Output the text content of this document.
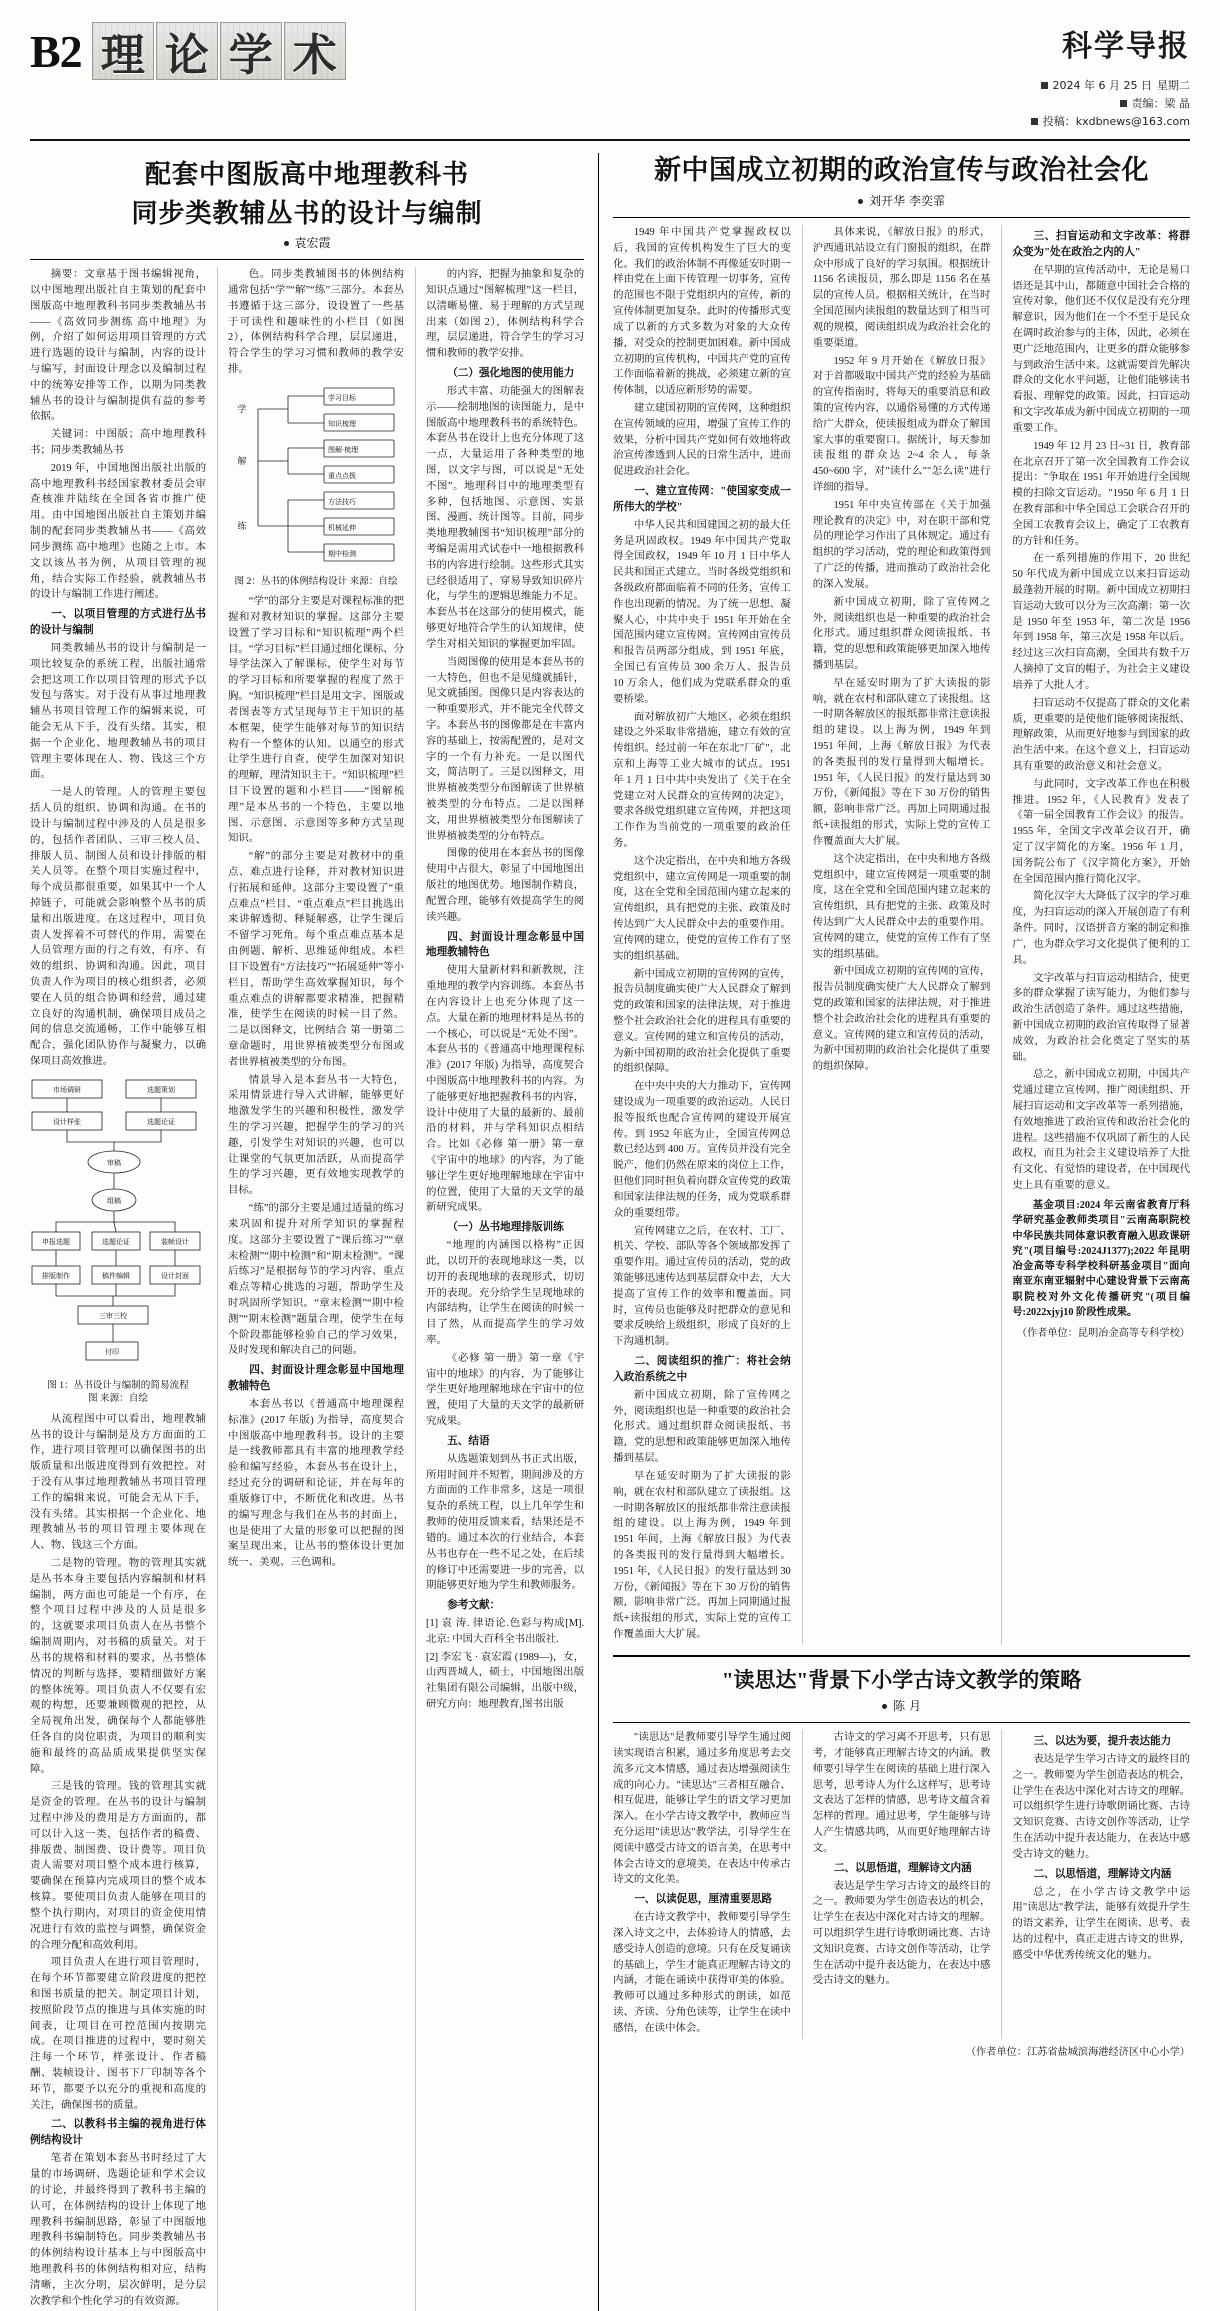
B2 理 论 学 术	科学导报
2024 年 6 月 25 日 星期二
责编：梁 晶
投稿：kxdbnews@163.com
配套中图版高中地理教科书
同步类教辅丛书的设计与编制
袁宏霞

摘要：文章基于图书编辑视角，以中图地理出版社自主策划的配套中图版高中地理教科书同步类教辅丛书——《高效同步测练 高中地理》为例，介绍了如何运用项目管理的方式进行选题的设计与编制，内容的设计与编写，封面设计理念以及编制过程中的统筹安排等工作，以期为同类教辅丛书的设计与编制提供有益的参考依据。

关键词：中图版；高中地理教科书；同步类教辅丛书

2019 年，中国地图出版社出版的高中地理教科书经国家教材委员会审查核准并陆续在全国各省市推广使用。由中国地图出版社自主策划并编制的配套同步类教辅丛书——《高效同步测练 高中地理》也随之上市。本文以该丛书为例，从项目管理的视角，结合实际工作经验，就教辅丛书的设计与编制工作进行阐述。

一、以项目管理的方式进行丛书的设计与编制

同类教辅丛书的设计与编制是一项比较复杂的系统工程，出版社通常会把这项工作以项目管理的形式予以发包与落实。对于没有从事过地理教辅丛书项目管理工作的编辑来说，可能会无从下手，没有头绪。其实，根据一个企业化、地理教辅丛书的项目管理主要体现在人、物、钱这三个方面。

一是人的管理。人的管理主要包括人员的组织、协调和沟通。在书的设计与编制过程中涉及的人员是很多的，包括作者团队、三审三校人员、排版人员、制图人员和设计排版的相关人员等。在整个项目实施过程中，每个成员都很重要，如果其中一个人掉链子，可能就会影响整个丛书的质量和出版进度。在这过程中，项目负责人发挥着不可替代的作用，需要在人员管理方面的行之有效，有序、有效的组织、协调和沟通。因此，项目负责人作为项目的核心组织者，必须要在人员的组合协调和经营，通过建立良好的沟通机制，确保项目成员之间的信息交流通畅，工作中能够互相配合，强化团队协作与凝聚力，以确保项目高效推进。

市场调研	选题策划
设计样张	选题论证
审稿
组稿
申报选题	选题论证	装帧设计
排版制作	稿件编辑	设计封面
三审三校
付印
图 1：丛书设计与编制的简易流程
图 来源：自绘

从流程图中可以看出，地理教辅丛书的设计与编制是及方方面面的工作，进行项目管理可以确保图书的出版质量和出版进度得到有效把控。对于没有从事过地理教辅丛书项目管理工作的编辑来说，可能会无从下手，没有头绪。其实根据一个企业化、地理教辅丛书的项目管理主要体现在人、物、钱这三个方面。

二是物的管理。物的管理其实就是丛书本身主要包括内容编制和材料编制，两方面也可能是一个有序，在整个项目过程中涉及的人员是很多的，这就要求项目负责人在丛书整个编制周期内，对书稿的质量关。对于丛书的规格和材料的要求，丛书整体情况的判断与选择，要精细做好方案的整体统筹。项目负责人不仅要有宏观的构想，还要兼顾微观的把控，从全局视角出发，确保每个人都能够胜任各自的岗位职责，为项目的顺利实施和最终的高品质成果提供坚实保障。

三是钱的管理。钱的管理其实就是资金的管理。在丛书的设计与编制过程中涉及的费用是方方面面的，都可以计入这一类，包括作者的稿费、排版费、制图费、设计费等。项目负责人需要对项目整个成本进行核算，要确保在预算内完成项目的整个成本核算。要使项目负责人能够在项目的整个执行期内，对项目的资金使用情况进行有效的监控与调整，确保资金的合理分配和高效利用。

项目负责人在进行项目管理时，在每个环节都要建立阶段进度的把控和图书质量的把关。制定项目计划，按照阶段节点的推进与具体实施的时间表，让项目在可控范围内按期完成。在项目推进的过程中，要时刻关注每一个环节，样张设计、作者稿酬、装帧设计、图书下厂印制等各个环节，都要予以充分的重视和高度的关注，确保图书的质量。

二、以教科书主编的视角进行体例结构设计

笔者在策划本套丛书时经过了大量的市场调研、选题论证和学术会议的讨论，并最终得到了教科书主编的认可，在体例结构的设计上体现了地理教科书编制思路，彰显了中图版地理教科书编制特色。同步类教辅丛书的体例结构设计基本上与中图版高中地理教科书的体例结构相对应，结构清晰，主次分明，层次鲜明，是分层次教学和个性化学习的有效资源。

色。同步类教辅图书的体例结构通常包括“学”“解”“练”三部分。本套丛书遵循于这三部分，设设置了一些基于可读性和趣味性的小栏目（如图 2），体例结构科学合理，层层递进，符合学生的学习习惯和教师的教学安排。

学习目标
知识梳理
图解·梳理
重点点拨
方法技巧
机械延伸
期中检测
学
解
练
图 2：丛书的体例结构设计 来源：自绘

“学”的部分主要是对课程标准的把握和对教材知识的掌握。这部分主要设置了学习目标和“知识梳理”两个栏目。“学习目标”栏目通过细化课标、分导学法深入了解课标，使学生对每节的学习目标和所要掌握的程度了然于胸。“知识梳理”栏目是用文字、图版或者图表等方式呈现每节主干知识的基本框架，使学生能够对每节的知识结构有一个整体的认知。以通空的形式让学生进行自查，使学生加深对知识的理解，理清知识主干。“知识梳理”栏目下设置的题和小栏目——“图解梳理”是本丛书的一个特色，主要以地图、示意图、示意图等多种方式呈现知识。

“解”的部分主要是对教材中的重点、难点进行诠释，并对教材知识进行拓展和延伸。这部分主要设置了“重点难点”栏目、“重点难点”栏目挑选出来讲解透彻、释疑解惑，让学生课后不留学习死角。每个重点难点基本是由例题、解析、思维延伸组成。本栏目下设置有“方法技巧”“拓展延伸”等小栏目，帮助学生高效掌握知识，每个重点难点的讲解都要求精准，把握精准，使学生在阅读的时候一目了然。二是以图释文，比例结合 第一册第二章命题时，用世界植被类型分布图或者世界植被类型的分布图。

情景导入是本套丛书一大特色，采用情景进行导入式讲解，能够更好地激发学生的兴趣和积极性，激发学生的学习兴趣，把握学生的学习的兴趣，引发学生对知识的兴趣，也可以让课堂的气氛更加活跃，从而提高学生的学习兴趣，更有效地实现教学的目标。

“练”的部分主要是通过适量的练习来巩固和提升对所学知识的掌握程度。这部分主要设置了“课后练习”“章末检测”“期中检测”和“期末检测”。“课后练习”是根据每节的学习内容、重点难点等精心挑选的习题，帮助学生及时巩固所学知识。“章末检测”“期中检测”“期末检测”题量合理，使学生在每个阶段都能够检验自己的学习效果，及时发现和解决自己的问题。

四、封面设计理念彰显中国地理教辅特色

本套丛书以《普通高中地理课程标准》(2017 年版) 为指导，高度契合中图版高中地理教科书。设计的主要是一线教师都具有丰富的地理教学经验和编写经验，本套丛书在设计上，经过充分的调研和论证，并在每年的重版修订中，不断优化和改进。丛书的编写理念与我们在丛书的封面上，也是使用了大量的形象可以把握的图案呈现出来，让丛书的整体设计更加统一、美观、三色调和。

的内容，把握为抽象和复杂的知识点通过“图解梳理”这一栏目，以清晰易懂、易于理解的方式呈现出来（如图 2），体例结构科学合理，层层递进，符合学生的学习习惯和教师的教学安排。

（二）强化地图的使用能力

形式丰富、功能强大的图解表示——绘制地图的读图能力，是中图版高中地理教科书的系统特色。本套丛书在设计上也充分体现了这一点，大量运用了各种类型的地图，以文字与图，可以说是“无处不图”。地理科目中的地理类型有多种，包括地图、示意图、实景图、漫画、统计图等。目前，同步类地理教辅图书“知识梳理”部分的考编是需用式试卷中一地根据教科书的内容进行绘制。这些形式其实已经很适用了，穿易导致知识碎片化，与学生的逻辑思维能力不足。本套丛书在这部分的使用模式，能够更好地符合学生的认知规律，使学生对相关知识的掌握更加牢固。

当阅图像的使用是本套丛书的一大特色，但也不是见缝就插针，见文就插图。图像只是内容表达的一种重要形式，并不能完全代替文字。本套丛书的图像都是在丰富内容的基础上，按需配置的，是对文字的一个有力补充。一是以图代文，简洁明了。三是以图释文，用世界植被类型分布图解读了世界植被类型的分布特点。二是以图释文，用世界植被类型分布图解读了世界植被类型的分布特点。

图像的使用在本套丛书的图像使用中占很大，彰显了中国地图出版社的地图优势。地图制作精良，配置合理，能够有效提高学生的阅读兴趣。

四、封面设计理念彰显中国地理教辅特色

使用大量新材料和新教规，注重地理的教学内容训练。本套丛书在内容设计上也充分体现了这一点。大量在新的地理材料是丛书的一个核心，可以说是“无处不图”。本套丛书的《普通高中地理课程标准》(2017 年版) 为指导，高度契合中图版高中地理教科书的内容。为了能够更好地把握教科书的内容，设计中使用了大量的最新的、最前沿的材料，并与学科知识点相结合。比如《必修 第一册》第一章《宇宙中的地球》的内容，为了能够让学生更好地理解地球在宇宙中的位置，使用了大量的天文学的最新研究成果。

（一）丛书地理排版训练

“地理的内涵图以格构”正因此，以切开的表现地球这一类，以切开的表现地球的表现形式，切切开的表现。充分给学生呈现地球的内部结构，让学生在阅读的时候一目了然，从而提高学生的学习效率。

《必修 第一册》第一章《宇宙中的地球》的内容，为了能够让学生更好地理解地球在宇宙中的位置，使用了大量的天文学的最新研究成果。

五、结语

从选题策划到丛书正式出版，所用时间并不短暂，期间涉及的方方面面的工作非常多，这是一项很复杂的系统工程，以上几年学生和教师的使用反馈来看，结果还是不错的。通过本次的行业结合，本套丛书也存在一些不足之处，在后续的修订中还需要进一步的完善，以期能够更好地为学生和教师服务。

参考文献：

[1] 袁 涛. 律语论.色彩与构成[M]. 北京: 中国大百科全书出版社.

[2] 李宏飞 · 袁宏霞 (1989—)，女，山西晋城人，硕士，中国地图出版社集团有限公司编辑，出版中级，研究方向：地理教育,图书出版

新中国成立初期的政治宣传与政治社会化
刘开华 李奕霏

1949 年中国共产党掌握政权以后，我国的宣传机构发生了巨大的变化。我们的政治体制不再像延安时期一样由党在上面下传管理一切事务，宣传的范围也不限于党组织内的宣传，新的宣传体制更加复杂。此时的传播形式变成了以新的方式多数为对象的大众传播，对受众的控制更加困难。新中国成立初期的宣传机构，中国共产党的宣传工作面临着新的挑战，必须建立新的宣传体制，以适应新形势的需要。

建立建国初期的宣传网，这种组织在宣传领域的应用，增强了宣传工作的效果，分析中国共产党如何有效地将政治宣传渗透到人民的日常生活中，进而促进政治社会化。

一、建立宣传网："使国家变成一所伟大的学校"

中华人民共和国建国之初的最大任务是巩固政权。1949 年中国共产党取得全国政权，1949 年 10 月 1 日中华人民共和国正式建立。当时各级党组织和各级政府都面临着不同的任务，宣传工作也出现新的情况。为了统一思想、凝聚人心，中共中央于 1951 年开始在全国范围内建立宣传网。宣传网由宣传员和报告员两部分组成，到 1951 年底，全国已有宣传员 300 余万人、报告员 10 万余人，他们成为党联系群众的重要桥梁。

面对解放初广大地区、必须在组织建设之外采取非常措施，建立有效的宣传组织。经过前一年在东北"厂矿"，北京和上海等工业大城市的试点。1951 年 1 月 1 日中共中央发出了《关于在全党建立对人民群众的宣传网的决定》，要求各级党组织建立宣传网，并把这项工作作为当前党的一项重要的政治任务。

这个决定指出，在中央和地方各级党组织中，建立宣传网是一项重要的制度，这在全党和全国范围内建立起来的宣传组织，具有把党的主张、政策及时传达到广大人民群众中去的重要作用。宣传网的建立，使党的宣传工作有了坚实的组织基础。

新中国成立初期的宣传网的宣传，报告员制度确实使广大人民群众了解到党的政策和国家的法律法规，对于推进整个社会政治社会化的进程具有重要的意义。宣传网的建立和宣传员的活动，为新中国初期的政治社会化提供了重要的组织保障。

在中央中央的大力推动下，宣传网建设成为一项重要的政治运动。人民日报等报纸也配合宣传网的建设开展宣传。到 1952 年底为止，全国宣传网总数已经达到 400 万。宣传员并没有完全脱产，他们仍然在原来的岗位上工作，但他们同时担负着向群众宣传党的政策和国家法律法规的任务，成为党联系群众的重要纽带。

宣传网建立之后，在农村、工厂、机关、学校、部队等各个领域都发挥了重要作用。通过宣传员的活动，党的政策能够迅速传达到基层群众中去，大大提高了宣传工作的效率和覆盖面。同时，宣传员也能够及时把群众的意见和要求反映给上级组织，形成了良好的上下沟通机制。

二、阅读组织的推广：将社会纳入政治系统之中

新中国成立初期，除了宣传网之外，阅读组织也是一种重要的政治社会化形式。通过组织群众阅读报纸、书籍，党的思想和政策能够更加深入地传播到基层。

早在延安时期为了扩大读报的影响，就在农村和部队建立了读报组。这一时期各解放区的报纸都非常注意读报组的建设。以上海为例，1949 年到 1951 年间，上海《解放日报》为代表的各类报刊的发行量得到大幅增长。1951 年，《人民日报》的发行量达到 30 万份，《新闻报》等在下 30 万份的销售额，影响非常广泛。再加上同期通过报纸+读报组的形式，实际上党的宣传工作覆盖面大大扩展。

具体来说，《解放日报》的形式，沪西通讯站设立有门窗报的组织，在群众中形成了良好的学习氛围。根据统计 1156 名读报员，那么即是 1156 名在基层的宣传人员。根据相关统计，在当时全国范围内读报组的数量达到了相当可观的规模，阅读组织成为政治社会化的重要渠道。

1952 年 9 月开始在《解放日报》对于首都吸取中国共产党的经验为基础的宣传指南时，将每天的重要消息和政策的宣传内容，以通俗易懂的方式传递给广大群众，使读报组成为群众了解国家大事的重要窗口。据统计，每天参加读报组的群众达 2~4 余人，每条 450~600 字，对"读什么""怎么读"进行详细的指导。

1951 年中央宣传部在《关于加强理论教育的决定》中，对在职干部和党员的理论学习作出了具体规定。通过有组织的学习活动，党的理论和政策得到了广泛的传播，进而推动了政治社会化的深入发展。

新中国成立初期，除了宣传网之外，阅读组织也是一种重要的政治社会化形式。通过组织群众阅读报纸、书籍，党的思想和政策能够更加深入地传播到基层。

早在延安时期为了扩大读报的影响，就在农村和部队建立了读报组。这一时期各解放区的报纸都非常注意读报组的建设。以上海为例，1949 年到 1951 年间，上海《解放日报》为代表的各类报刊的发行量得到大幅增长。1951 年，《人民日报》的发行量达到 30 万份，《新闻报》等在下 30 万份的销售额，影响非常广泛。再加上同期通过报纸+读报组的形式，实际上党的宣传工作覆盖面大大扩展。

这个决定指出，在中央和地方各级党组织中，建立宣传网是一项重要的制度，这在全党和全国范围内建立起来的宣传组织，具有把党的主张、政策及时传达到广大人民群众中去的重要作用。宣传网的建立，使党的宣传工作有了坚实的组织基础。

新中国成立初期的宣传网的宣传，报告员制度确实使广大人民群众了解到党的政策和国家的法律法规，对于推进整个社会政治社会化的进程具有重要的意义。宣传网的建立和宣传员的活动，为新中国初期的政治社会化提供了重要的组织保障。

三、扫盲运动和文字改革：将群众变为"处在政治之内的人"

在早期的宣传活动中，无论是易口语还是其中山，都随意中国社会合格的宣传对象，他们还不仅仅是没有充分理解意识，因为他们在一个不至于是民众在调时政治参与的主体，因此，必须在更广泛地范围内，让更多的群众能够参与到政治生活中来。这就需要首先解决群众的文化水平问题，让他们能够读书看报、理解党的政策。因此，扫盲运动和文字改革成为新中国成立初期的一项重要工作。

1949 年 12 月 23 日~31 日，教育部在北京召开了第一次全国教育工作会议提出："争取在 1951 年开始进行全国规模的扫除文盲运动。"1950 年 6 月 1 日在教育部和中华全国总工会联合召开的全国工农教育会议上，确定了工农教育的方针和任务。

在一系列措施的作用下，20 世纪 50 年代成为新中国成立以来扫盲运动最蓬勃开展的时期。新中国成立初期扫盲运动大致可以分为三次高潮：第一次是 1950 年至 1953 年，第二次是 1956 年到 1958 年，第三次是 1958 年以后。经过这三次扫盲高潮，全国共有数千万人摘掉了文盲的帽子，为社会主义建设培养了大批人才。

扫盲运动不仅提高了群众的文化素质，更重要的是使他们能够阅读报纸、理解政策，从而更好地参与到国家的政治生活中来。在这个意义上，扫盲运动具有重要的政治意义和社会意义。

与此同时，文字改革工作也在积极推进。1952 年，《人民教育》发表了《第一届全国教育工作会议》的报告。1955 年，全国文字改革会议召开，确定了汉字简化的方案。1956 年 1 月，国务院公布了《汉字简化方案》，开始在全国范围内推行简化汉字。

简化汉字大大降低了汉字的学习难度，为扫盲运动的深入开展创造了有利条件。同时，汉语拼音方案的制定和推广，也为群众学习文化提供了便利的工具。

文字改革与扫盲运动相结合，使更多的群众掌握了读写能力，为他们参与政治生活创造了条件。通过这些措施，新中国成立初期的政治宣传取得了显著成效，为政治社会化奠定了坚实的基础。

总之，新中国成立初期，中国共产党通过建立宣传网、推广阅读组织、开展扫盲运动和文字改革等一系列措施，有效地推进了政治宣传和政治社会化的进程。这些措施不仅巩固了新生的人民政权，而且为社会主义建设培养了大批有文化、有觉悟的建设者，在中国现代史上具有重要的意义。

基金项目:2024 年云南省教育厅科学研究基金教师类项目"云南高职院校中华民族共同体意识教育融入思政课研究"(项目编号:2024J1377);2022 年昆明冶金高等专科学校科研基金项目"面向南亚东南亚辐射中心建设背景下云南高职院校对外文化传播研究"(项目编号:2022xjyj10 阶段性成果。

（作者单位：昆明冶金高等专科学校）

"读思达"背景下小学古诗文教学的策略
陈 月

"读思达"是教师要引导学生通过阅读实现语言积累，通过多角度思考去交流多元文本情感，通过表达增强阅读生成的向心力。"读思达"三者相互融合、相互促进，能够让学生的语文学习更加深入。在小学古诗文教学中，教师应当充分运用"读思达"教学法，引导学生在阅读中感受古诗文的语言美，在思考中体会古诗文的意境美，在表达中传承古诗文的文化美。

一、以读促思，厘清重要思路

在古诗文教学中，教师要引导学生深入诗文之中，去体验诗人的情感，去感受诗人创造的意境。只有在反复诵读的基础上，学生才能真正理解古诗文的内涵，才能在诵读中获得审美的体验。教师可以通过多种形式的朗读，如范读、齐读、分角色读等，让学生在读中感悟，在读中体会。

古诗文的学习离不开思考，只有思考，才能够真正理解古诗文的内涵。教师要引导学生在阅读的基础上进行深入思考，思考诗人为什么这样写，思考诗文表达了怎样的情感，思考诗文蕴含着怎样的哲理。通过思考，学生能够与诗人产生情感共鸣，从而更好地理解古诗文。

二、以思悟道，理解诗文内涵

表达是学生学习古诗文的最终目的之一。教师要为学生创造表达的机会，让学生在表达中深化对古诗文的理解。可以组织学生进行诗歌朗诵比赛、古诗文知识竞赛、古诗文创作等活动，让学生在活动中提升表达能力，在表达中感受古诗文的魅力。

三、以达为要，提升表达能力

表达是学生学习古诗文的最终目的之一。教师要为学生创造表达的机会，让学生在表达中深化对古诗文的理解。可以组织学生进行诗歌朗诵比赛、古诗文知识竞赛、古诗文创作等活动，让学生在活动中提升表达能力，在表达中感受古诗文的魅力。

二、以思悟道，理解诗文内涵

总之，在小学古诗文教学中运用"读思达"教学法，能够有效提升学生的语文素养，让学生在阅读、思考、表达的过程中，真正走进古诗文的世界，感受中华优秀传统文化的魅力。

（作者单位：江苏省盐城滨海港经济区中心小学）
